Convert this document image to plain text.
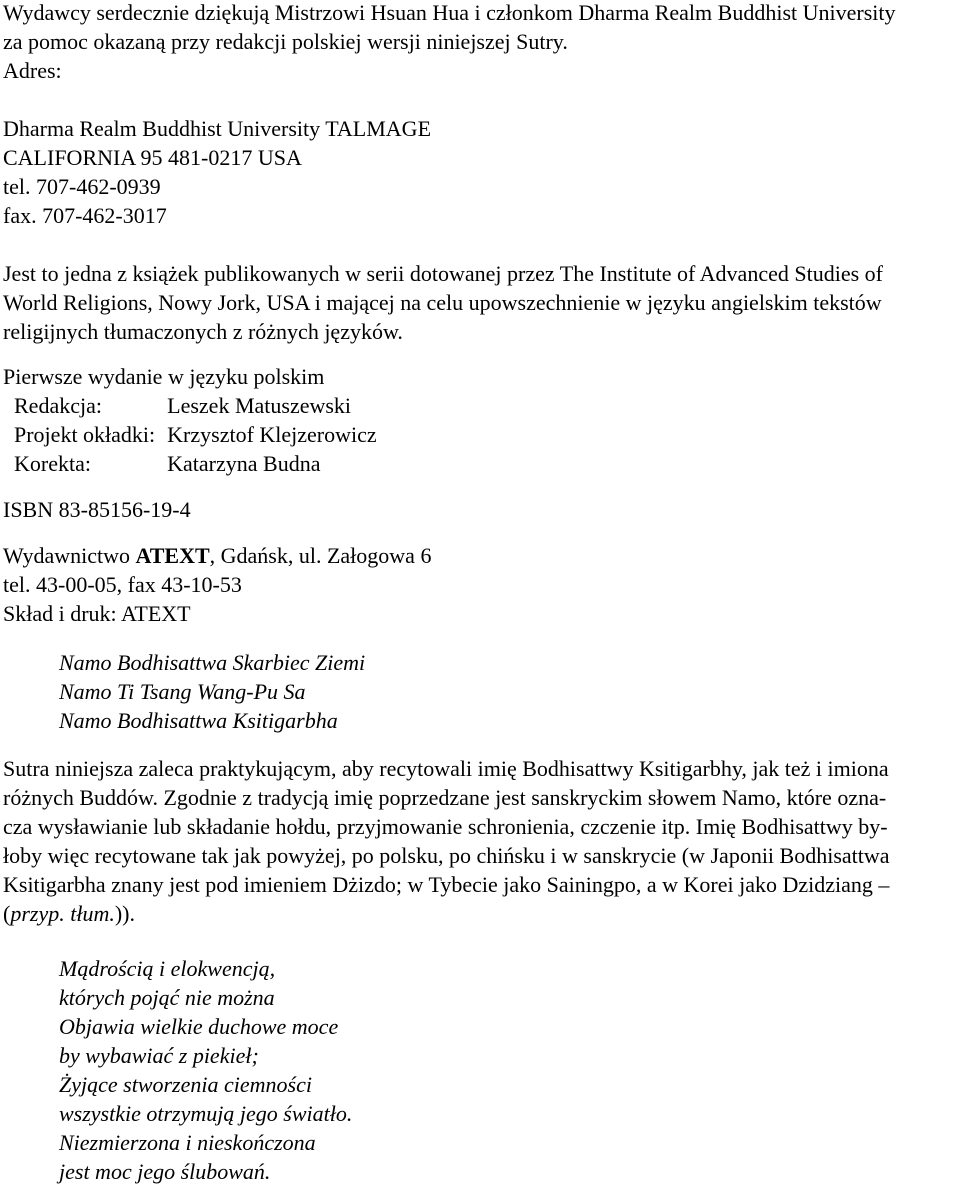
Wydawcy serdecznie dziękują Mistrzowi Hsuan Hua i członkom Dharma Realm Buddhist University
za pomoc okazaną przy redakcji polskiej wersji niniejszej Sutry.
Adres:
Dharma Realm Buddhist University TALMAGE
CALIFORNIA 95 481-0217 USA
tel. 707-462-0939
fax. 707-462-3017
Jest to jedna z książek publikowanych w serii dotowanej przez The Institute of Advanced Studies of
World Religions, Nowy Jork, USA i mającej na celu upowszechnienie w języku angielskim tekstów
religijnych tłumaczonych z różnych języków.
Pierwsze wydanie w języku polskim
Redakcja:	Leszek Matuszewski
Projekt okładki:	Krzysztof Klejzerowicz
Korekta:	Katarzyna Budna
ISBN 83-85156-19-4
Wydawnictwo ATEXT, Gdańsk, ul. Załogowa 6
tel. 43-00-05, fax 43-10-53
Skład i druk: ATEXT
Namo Bodhisattwa Skarbiec Ziemi
Namo Ti Tsang Wang-Pu Sa
Namo Bodhisattwa Ksitigarbha
Sutra niniejsza zaleca praktykującym, aby recytowali imię Bodhisattwy Ksitigarbhy, jak też i imiona
różnych Buddów. Zgodnie z tradycją imię poprzedzane jest sanskryckim słowem Namo, które ozna-
cza wysławianie lub składanie hołdu, przyjmowanie schronienia, czczenie itp. Imię Bodhisattwy by-
łoby więc recytowane tak jak powyżej, po polsku, po chińsku i w sanskrycie (w Japonii Bodhisattwa
Ksitigarbha znany jest pod imieniem Dżizdo; w Tybecie jako Sainingpo, a w Korei jako Dzidziang –
(przyp. tłum.)).
Mądrością i elokwencją,
których pojąć nie można
Objawia wielkie duchowe moce
by wybawiać z piekieł;
Żyjące stworzenia ciemności
wszystkie otrzymują jego światło.
Niezmierzona i nieskończona
jest moc jego ślubowań.
